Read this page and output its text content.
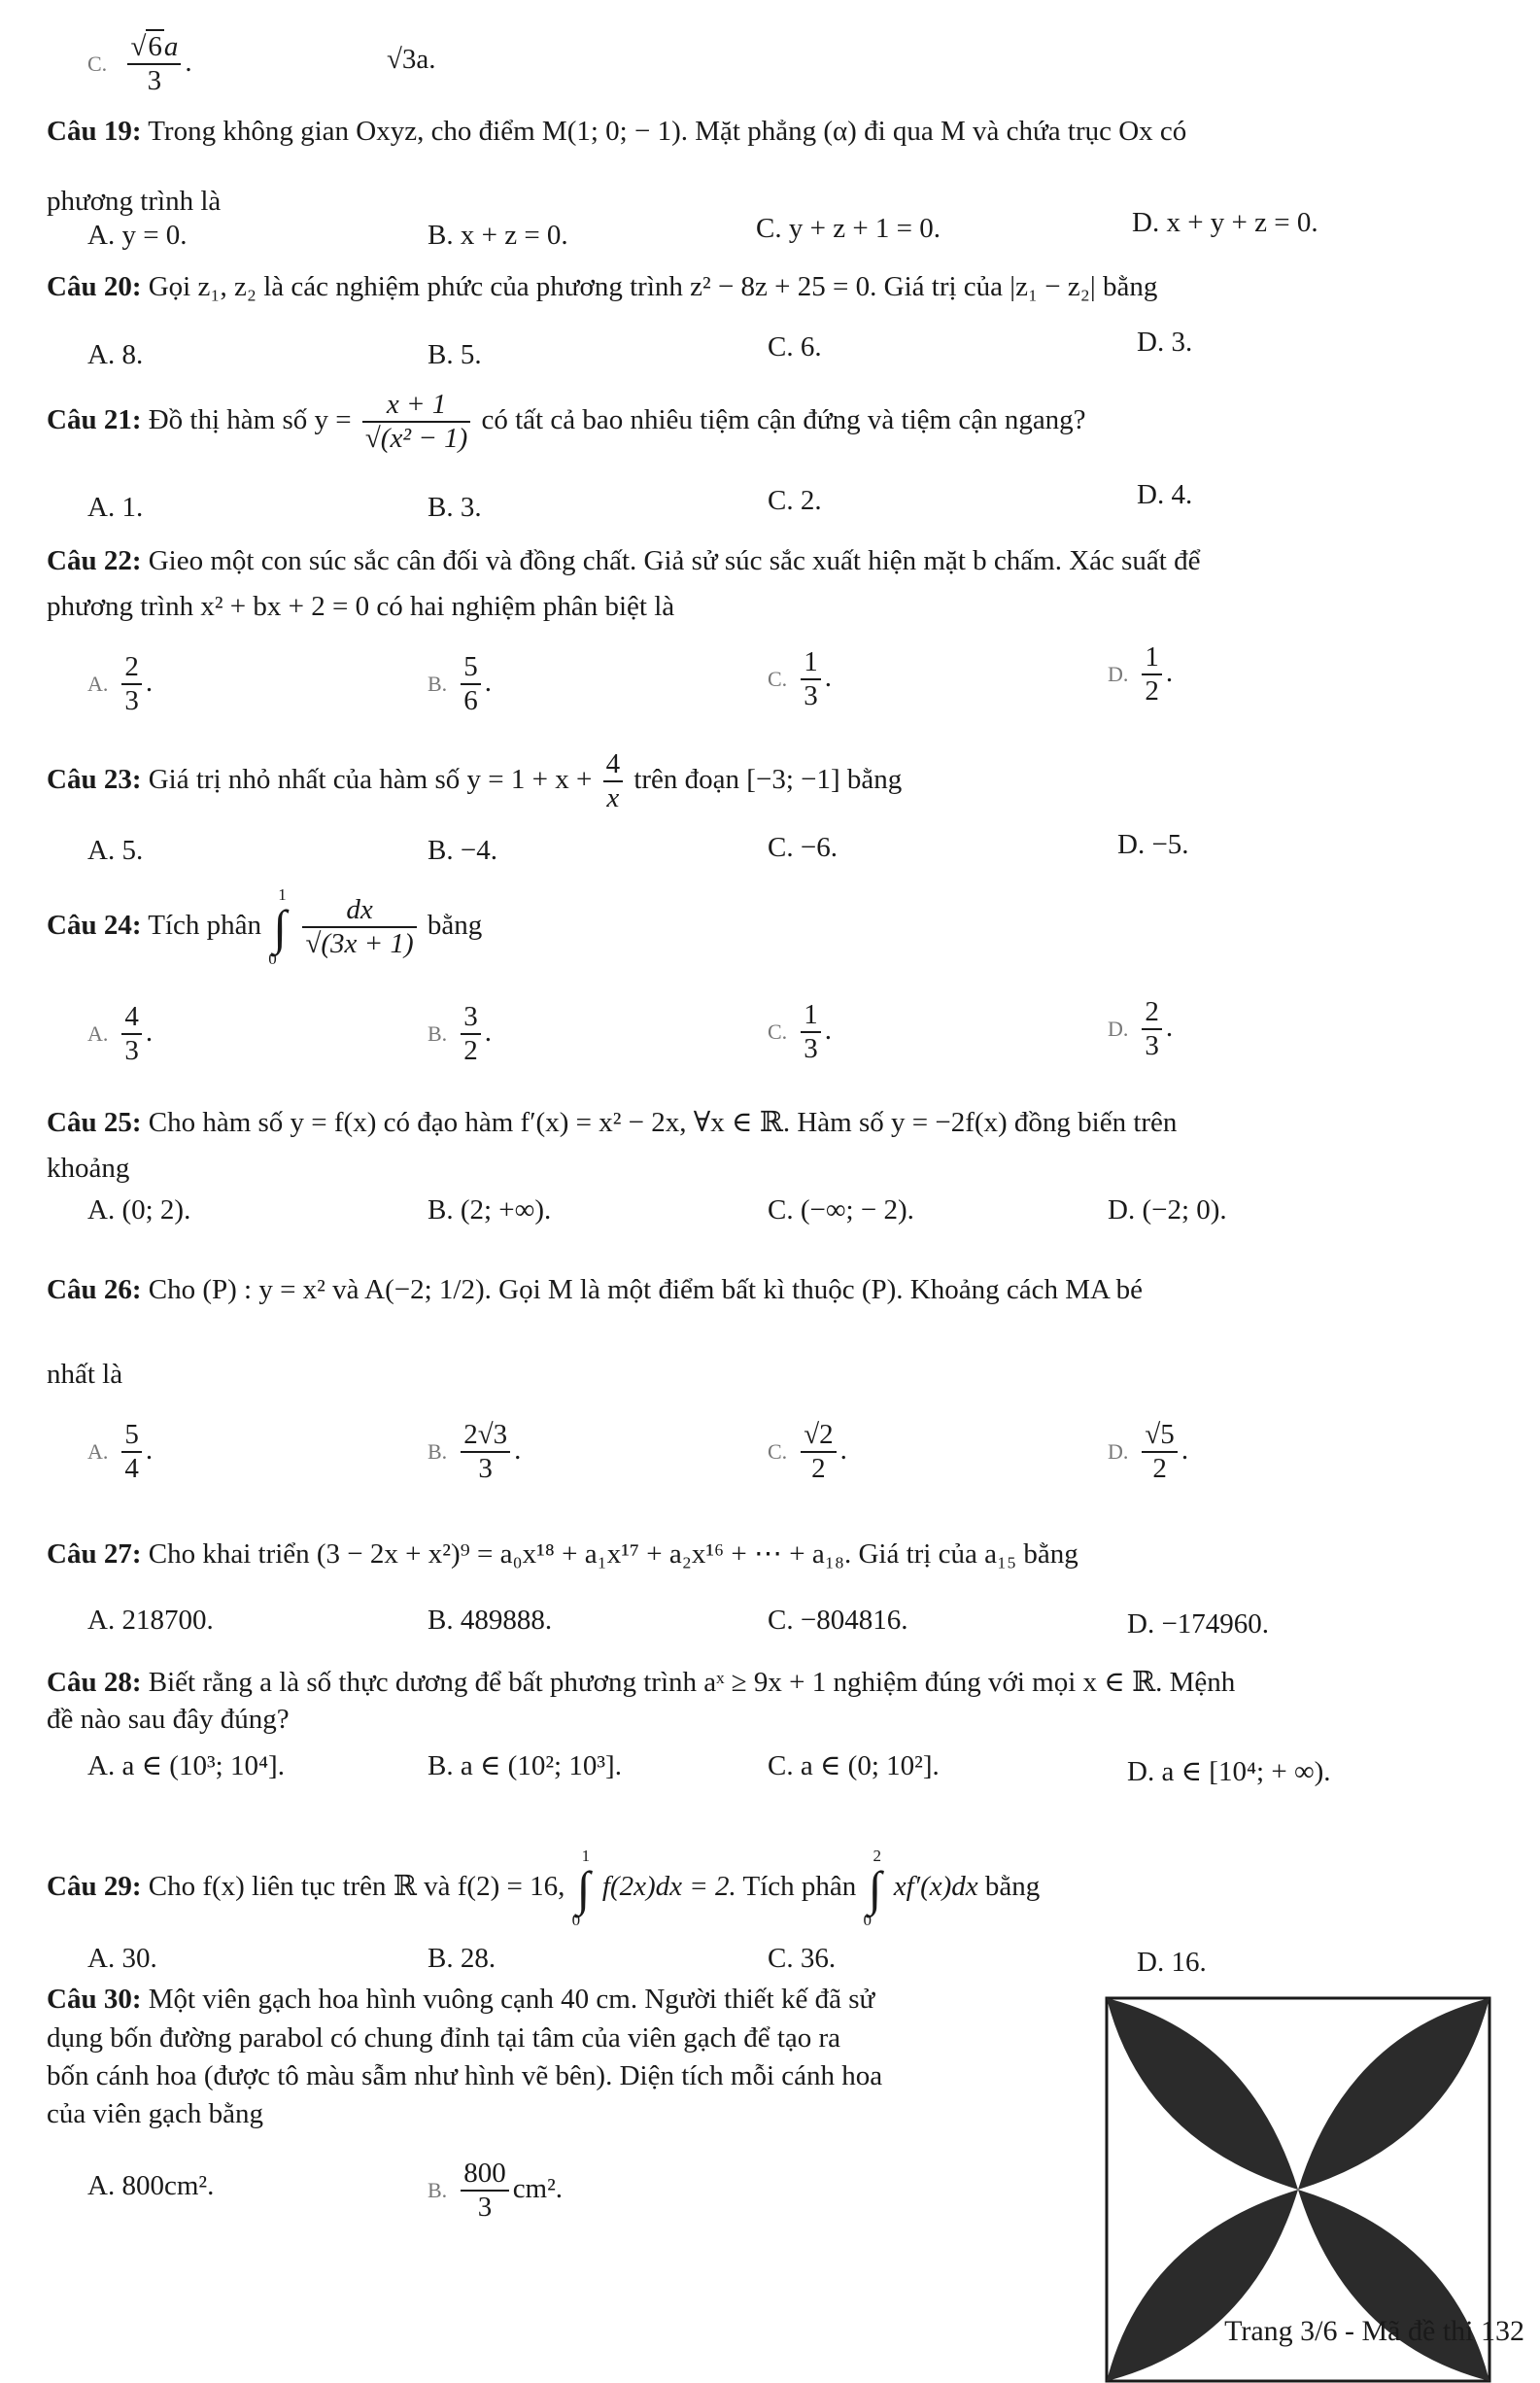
C. $\frac{√6a}{3}$ .	√3a.
Câu 19: Trong không gian Oxyz, cho điểm M(1; 0; − 1). Mặt phẳng (α) đi qua M và chứa trục Ox có
phương trình là
A. y = 0.	B. x + z = 0.	C. y + z + 1 = 0.	D. x + y + z = 0.
Câu 20: Gọi z₁, z₂ là các nghiệm phức của phương trình z² − 8z + 25 = 0. Giá trị của |z₁ − z₂| bằng
A. 8.	B. 5.	C. 6.	D. 3.
Câu 21: Đồ thị hàm số $y = \frac{x + 1}{\text{√(x² − 1)}}$ có tất cả bao nhiêu tiệm cận đứng và tiệm cận ngang?
A. 1.	B. 3.	C. 2.	D. 4.
Câu 22: Gieo một con súc sắc cân đối và đồng chất. Giả sử súc sắc xuất hiện mặt b chấm. Xác suất để
phương trình x² + bx + 2 = 0 có hai nghiệm phân biệt là
A. $\frac{2}{3}$ .	B. $\frac{5}{6}$ .	C. $\frac{1}{3}$ .	D. $\frac{1}{2}$ .
Câu 23: Giá trị nhỏ nhất của hàm số $y = 1 + x + \frac{4}{x}$ trên đoạn [−3; −1] bằng
A. 5.	B. −4.	C. −6.	D. −5.
Câu 24: Tích phân
1
∫
0
$\frac{dx}{√(3x + 1)}$ bằng
A. $\frac{4}{3}$ .	B. $\frac{3}{2}$ .	C. $\frac{1}{3}$ .	D. $\frac{2}{3}$ .
Câu 25: Cho hàm số y = f(x) có đạo hàm f′(x) = x² − 2x, ∀x ∈ ℝ. Hàm số y = −2f(x) đồng biến trên
khoảng
A. (0; 2).	B. (2; +∞).	C. (−∞; − 2).	D. (−2; 0).
Câu 26: Cho (P) : y = x² và A(−2; 1/2). Gọi M là một điểm bất kì thuộc (P). Khoảng cách MA bé
nhất là
A. $\frac{5}{4}$ .	B. $\frac{2√3}{3}$ .	C. $\frac{√2}{2}$ .	D. $\frac{√5}{2}$ .
Câu 27: Cho khai triển (3 − 2x + x²)⁹ = a₀x¹⁸ + a₁x¹⁷ + a₂x¹⁶ + ⋯ + a₁₈. Giá trị của a₁₅ bằng
A. 218700.	B. 489888.	C. −804816.	D. −174960.
Câu 28: Biết rằng a là số thực dương để bất phương trình aˣ ≥ 9x + 1 nghiệm đúng với mọi x ∈ ℝ. Mệnh
đề nào sau đây đúng?
A. a ∈ (10³; 10⁴].	B. a ∈ (10²; 10³].	C. a ∈ (0; 10²].	D. a ∈ [10⁴; + ∞).
Câu 29: Cho f(x) liên tục trên ℝ và f(2) = 16,
1
∫
0
f(2x)dx = 2. Tích phân
2
∫
0
xf′(x)dx bằng
A. 30.	B. 28.	C. 36.	D. 16.
Câu 30: Một viên gạch hoa hình vuông cạnh 40 cm. Người thiết kế đã sử
dụng bốn đường parabol có chung đỉnh tại tâm của viên gạch để tạo ra
bốn cánh hoa (được tô màu sẫm như hình vẽ bên). Diện tích mỗi cánh hoa
của viên gạch bằng
A. 800cm².	B. $\frac{800}{3} cm^2$.
Trang 3/6 - Mã đề thi 132
